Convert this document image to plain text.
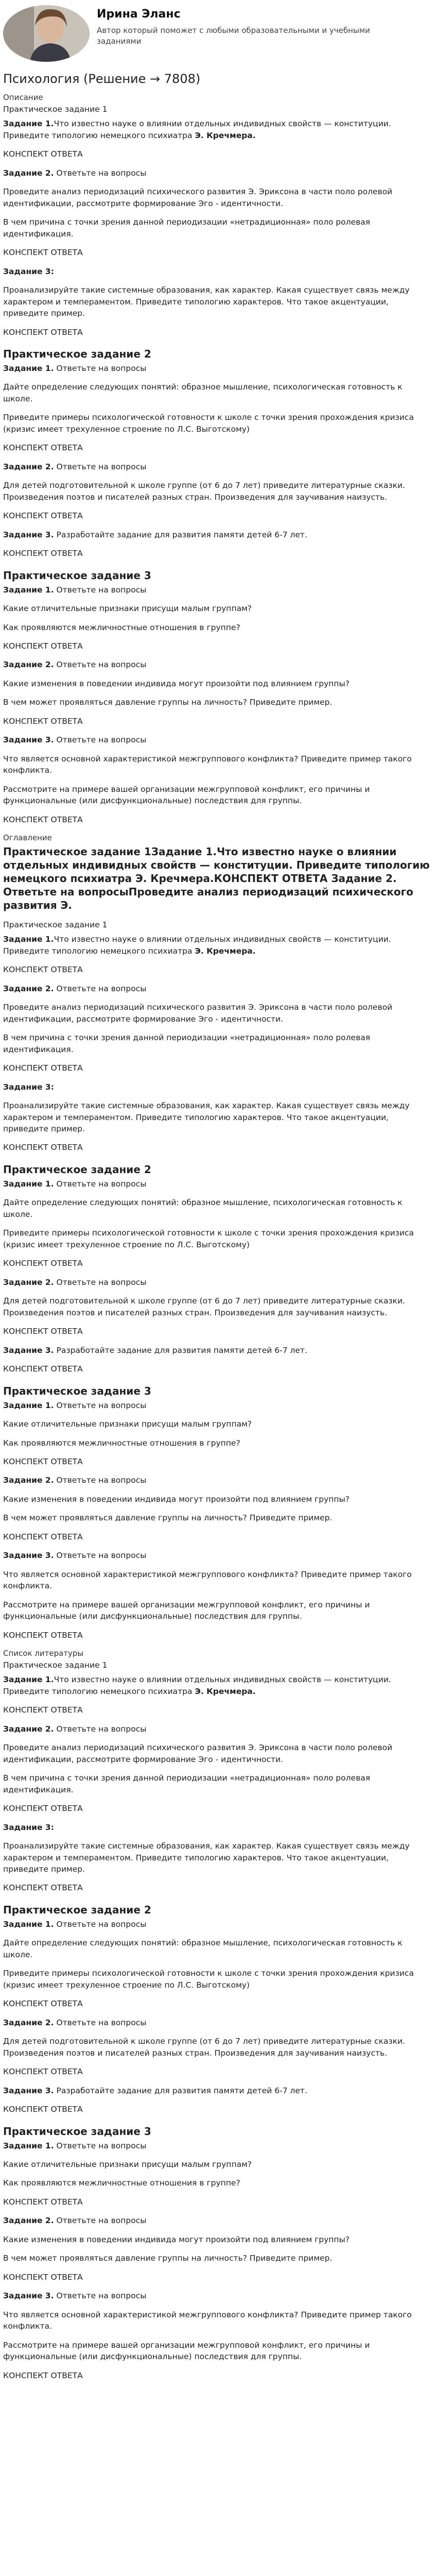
Ирина Эланс
Автор который поможет с любыми образовательными и учебными заданиями
Психология (Решение → 7808)
Описание
Практическое задание 1
Задание 1.Что известно науке о влиянии отдельных индивидных свойств — конституции. Приведите типологию немецкого психиатра Э. Кречмера.
КОНСПЕКТ ОТВЕТА
Задание 2. Ответьте на вопросы
Проведите анализ периодизаций психического развития Э. Эриксона в части поло ролевой идентификации, рассмотрите формирование Эго - идентичности.
В чем причина с точки зрения данной периодизации «нетрадиционная» поло ролевая идентификация.
КОНСПЕКТ ОТВЕТА
Задание 3:
Проанализируйте такие системные образования, как характер. Какая существует связь между характером и темпераментом. Приведите типологию характеров. Что такое акцентуации, приведите пример.
КОНСПЕКТ ОТВЕТА
Практическое задание 2
Задание 1. Ответьте на вопросы
Дайте определение следующих понятий: образное мышление, психологическая готовность к школе.
Приведите примеры психологической готовности к школе с точки зрения прохождения кризиса (кризис имеет трехуленное строение по Л.С. Выготскому)
КОНСПЕКТ ОТВЕТА
Задание 2. Ответьте на вопросы
Для детей подготовительной к школе группе (от 6 до 7 лет) приведите литературные сказки. Произведения поэтов и писателей разных стран. Произведения для заучивания наизусть.
КОНСПЕКТ ОТВЕТА
Задание 3. Разработайте задание для развития памяти детей 6-7 лет.
КОНСПЕКТ ОТВЕТА
Практическое задание 3
Задание 1. Ответьте на вопросы
Какие отличительные признаки присущи малым группам?
Как проявляются межличностные отношения в группе?
КОНСПЕКТ ОТВЕТА
Задание 2. Ответьте на вопросы
Какие изменения в поведении индивида могут произойти под влиянием группы?
В чем может проявляться давление группы на личность? Приведите пример.
КОНСПЕКТ ОТВЕТА
Задание 3. Ответьте на вопросы
Что является основной характеристикой межгруппового конфликта? Приведите пример такого конфликта.
Рассмотрите на примере вашей организации межгрупповой конфликт, его причины и функциональные (или дисфункциональные) последствия для группы.
КОНСПЕКТ ОТВЕТА
Оглавление
Практическое задание 1Задание 1.Что известно науке о влиянии отдельных индивидных свойств — конституции. Приведите типологию немецкого психиатра Э. Кречмера.КОНСПЕКТ ОТВЕТА Задание 2. Ответьте на вопросыПроведите анализ периодизаций психического развития Э.
Практическое задание 1
Задание 1.Что известно науке о влиянии отдельных индивидных свойств — конституции. Приведите типологию немецкого психиатра Э. Кречмера.
КОНСПЕКТ ОТВЕТА
Задание 2. Ответьте на вопросы
Проведите анализ периодизаций психического развития Э. Эриксона в части поло ролевой идентификации, рассмотрите формирование Эго - идентичности.
В чем причина с точки зрения данной периодизации «нетрадиционная» поло ролевая идентификация.
КОНСПЕКТ ОТВЕТА
Задание 3:
Проанализируйте такие системные образования, как характер. Какая существует связь между характером и темпераментом. Приведите типологию характеров. Что такое акцентуации, приведите пример.
КОНСПЕКТ ОТВЕТА
Практическое задание 2
Задание 1. Ответьте на вопросы
Дайте определение следующих понятий: образное мышление, психологическая готовность к школе.
Приведите примеры психологической готовности к школе с точки зрения прохождения кризиса (кризис имеет трехуленное строение по Л.С. Выготскому)
КОНСПЕКТ ОТВЕТА
Задание 2. Ответьте на вопросы
Для детей подготовительной к школе группе (от 6 до 7 лет) приведите литературные сказки. Произведения поэтов и писателей разных стран. Произведения для заучивания наизусть.
КОНСПЕКТ ОТВЕТА
Задание 3. Разработайте задание для развития памяти детей 6-7 лет.
КОНСПЕКТ ОТВЕТА
Практическое задание 3
Задание 1. Ответьте на вопросы
Какие отличительные признаки присущи малым группам?
Как проявляются межличностные отношения в группе?
КОНСПЕКТ ОТВЕТА
Задание 2. Ответьте на вопросы
Какие изменения в поведении индивида могут произойти под влиянием группы?
В чем может проявляться давление группы на личность? Приведите пример.
КОНСПЕКТ ОТВЕТА
Задание 3. Ответьте на вопросы
Что является основной характеристикой межгруппового конфликта? Приведите пример такого конфликта.
Рассмотрите на примере вашей организации межгрупповой конфликт, его причины и функциональные (или дисфункциональные) последствия для группы.
КОНСПЕКТ ОТВЕТА
Список литературы
Практическое задание 1
Задание 1.Что известно науке о влиянии отдельных индивидных свойств — конституции. Приведите типологию немецкого психиатра Э. Кречмера.
КОНСПЕКТ ОТВЕТА
Задание 2. Ответьте на вопросы
Проведите анализ периодизаций психического развития Э. Эриксона в части поло ролевой идентификации, рассмотрите формирование Эго - идентичности.
В чем причина с точки зрения данной периодизации «нетрадиционная» поло ролевая идентификация.
КОНСПЕКТ ОТВЕТА
Задание 3:
Проанализируйте такие системные образования, как характер. Какая существует связь между характером и темпераментом. Приведите типологию характеров. Что такое акцентуации, приведите пример.
КОНСПЕКТ ОТВЕТА
Практическое задание 2
Задание 1. Ответьте на вопросы
Дайте определение следующих понятий: образное мышление, психологическая готовность к школе.
Приведите примеры психологической готовности к школе с точки зрения прохождения кризиса (кризис имеет трехуленное строение по Л.С. Выготскому)
КОНСПЕКТ ОТВЕТА
Задание 2. Ответьте на вопросы
Для детей подготовительной к школе группе (от 6 до 7 лет) приведите литературные сказки. Произведения поэтов и писателей разных стран. Произведения для заучивания наизусть.
КОНСПЕКТ ОТВЕТА
Задание 3. Разработайте задание для развития памяти детей 6-7 лет.
КОНСПЕКТ ОТВЕТА
Практическое задание 3
Задание 1. Ответьте на вопросы
Какие отличительные признаки присущи малым группам?
Как проявляются межличностные отношения в группе?
КОНСПЕКТ ОТВЕТА
Задание 2. Ответьте на вопросы
Какие изменения в поведении индивида могут произойти под влиянием группы?
В чем может проявляться давление группы на личность? Приведите пример.
КОНСПЕКТ ОТВЕТА
Задание 3. Ответьте на вопросы
Что является основной характеристикой межгруппового конфликта? Приведите пример такого конфликта.
Рассмотрите на примере вашей организации межгрупповой конфликт, его причины и функциональные (или дисфункциональные) последствия для группы.
КОНСПЕКТ ОТВЕТА
